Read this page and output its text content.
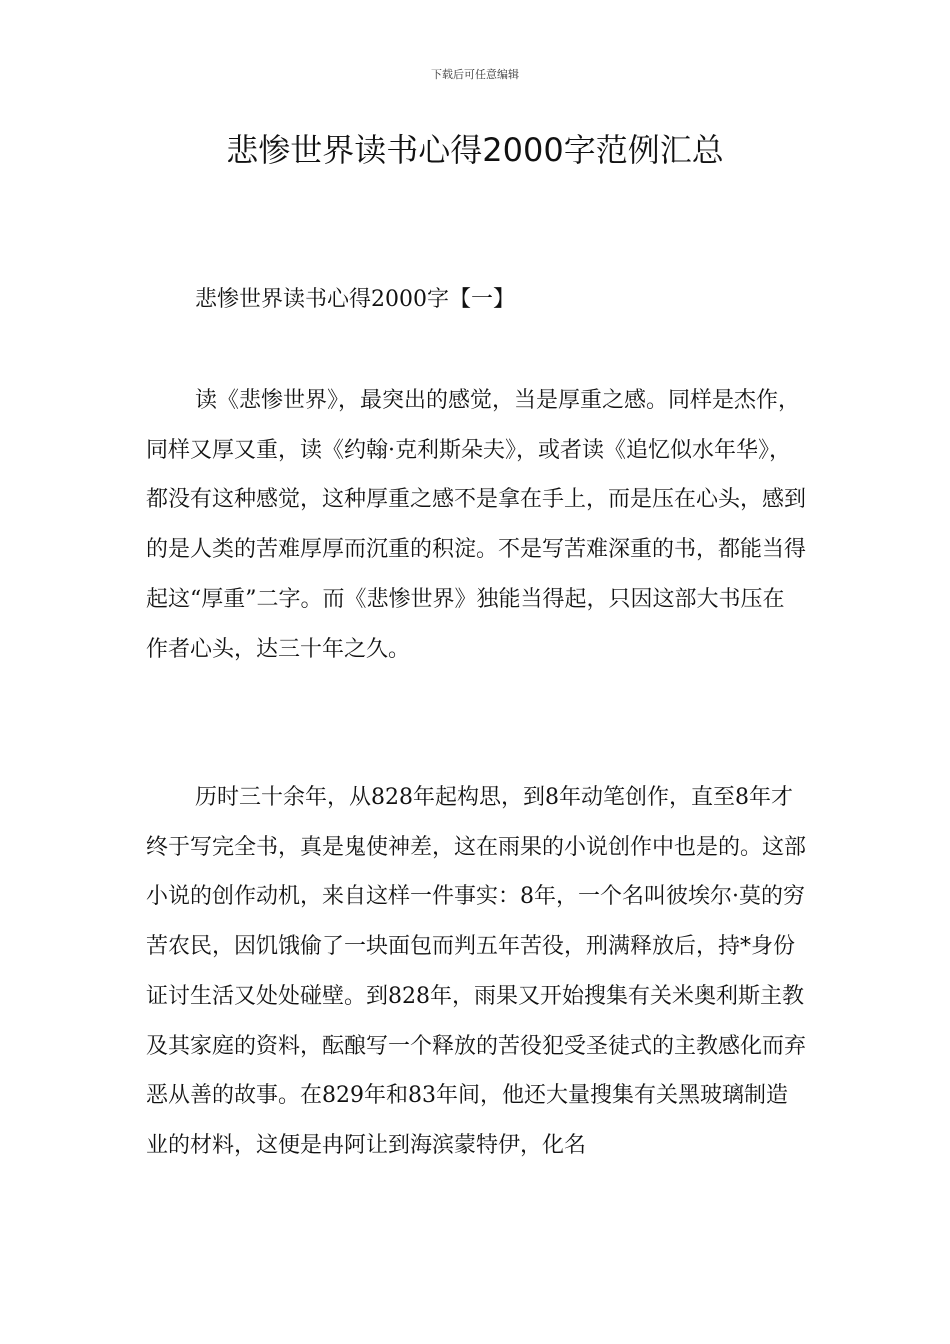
下载后可任意编辑
悲惨世界读书心得2000字范例汇总
悲惨世界读书心得2000字【一】

读《悲惨世界》，最突出的感觉，当是厚重之感。同样是杰作，同样又厚又重，读《约翰·克利斯朵夫》，或者读《追忆似水年华》，都没有这种感觉，这种厚重之感不是拿在手上，而是压在心头，感到的是人类的苦难厚厚而沉重的积淀。不是写苦难深重的书，都能当得起这“厚重”二字。而《悲惨世界》独能当得起，只因这部大书压在作者心头，达三十年之久。

历时三十余年，从828年起构思，到8年动笔创作，直至8年才终于写完全书，真是鬼使神差，这在雨果的小说创作中也是的。这部小说的创作动机，来自这样一件事实：8年，一个名叫彼埃尔·莫的穷苦农民，因饥饿偷了一块面包而判五年苦役，刑满释放后，持*身份证讨生活又处处碰壁。到828年，雨果又开始搜集有关米奥利斯主教及其家庭的资料，酝酿写一个释放的苦役犯受圣徒式的主教感化而弃恶从善的故事。在829年和83年间，他还大量搜集有关黑玻璃制造业的材料，这便是冉阿让到海滨蒙特伊，化名
